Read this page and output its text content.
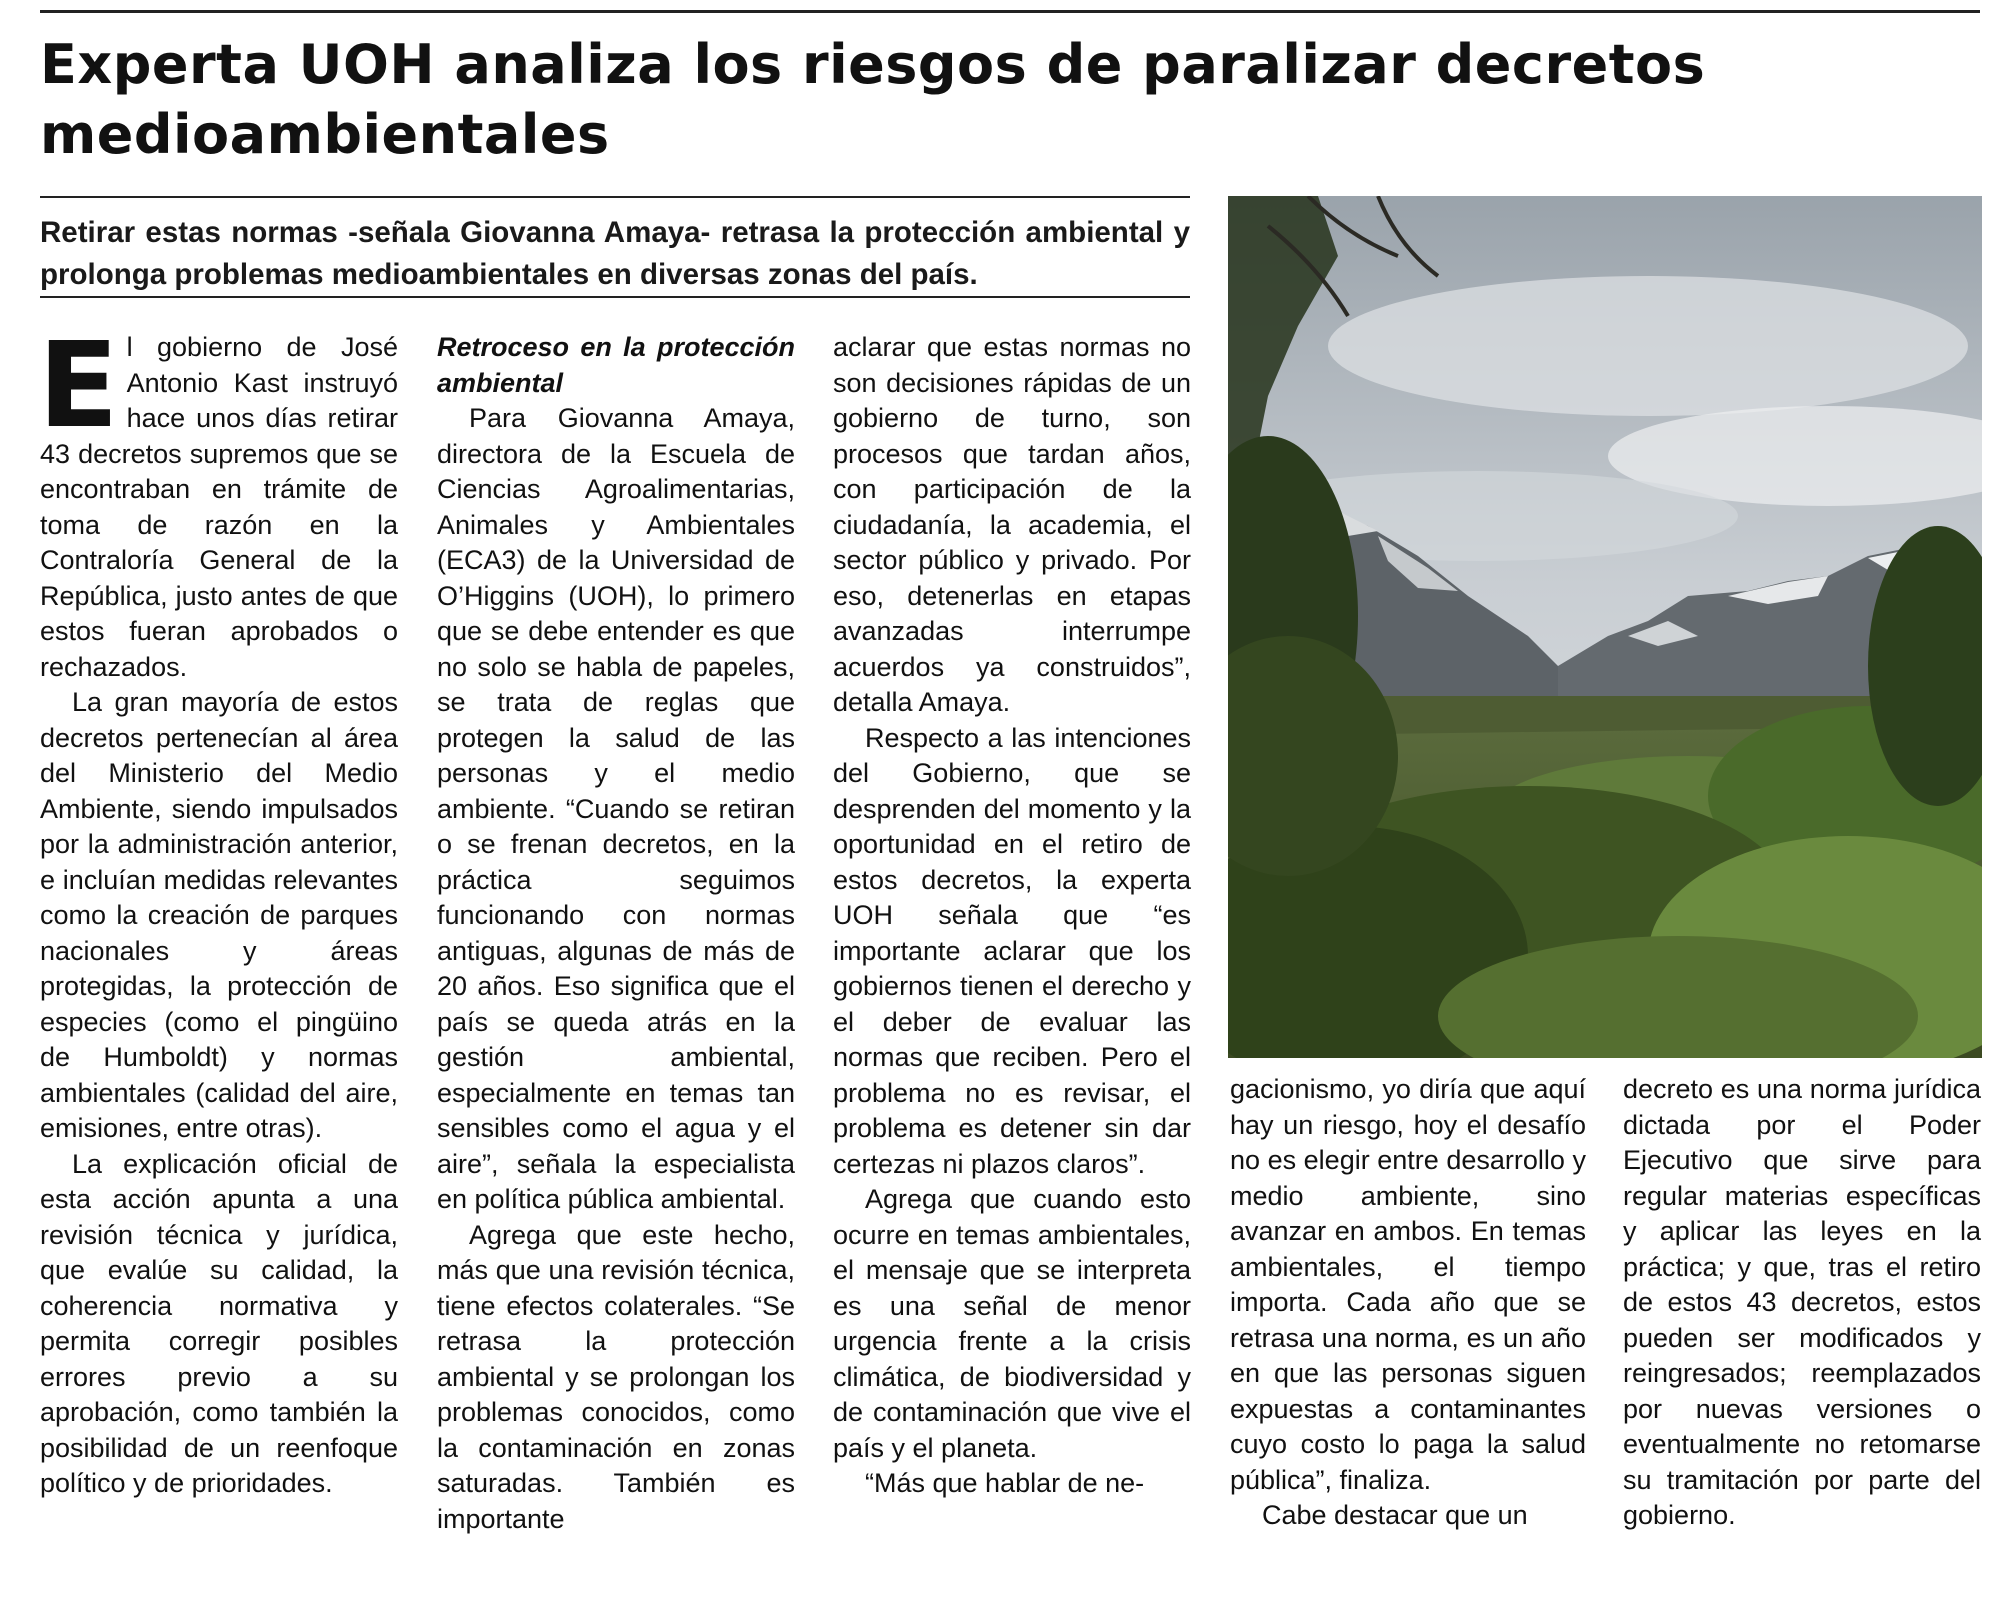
Experta UOH analiza los riesgos de paralizar decretos medioambientales

Retirar estas normas -señala Giovanna Amaya- retrasa la protección ambiental y prolonga problemas medioambientales en diversas zonas del país.

El gobierno de José Antonio Kast instruyó hace unos días retirar 43 decretos supremos que se encontraban en trámite de toma de razón en la Contraloría General de la República, justo antes de que estos fueran aprobados o rechazados.

La gran mayoría de estos decretos pertenecían al área del Ministerio del Medio Ambiente, siendo impulsados por la administración anterior, e incluían medidas relevantes como la creación de parques nacionales y áreas protegidas, la protección de especies (como el pingüino de Humboldt) y normas ambientales (calidad del aire, emisiones, entre otras).

La explicación oficial de esta acción apunta a una revisión técnica y jurídica, que evalúe su calidad, la coherencia normativa y permita corregir posibles errores previo a su aprobación, como también la posibilidad de un reenfoque político y de prioridades.

Retroceso en la protección ambiental

Para Giovanna Amaya, directora de la Escuela de Ciencias Agroalimentarias, Animales y Ambientales (ECA3) de la Universidad de O’Higgins (UOH), lo primero que se debe entender es que no solo se habla de papeles, se trata de reglas que protegen la salud de las personas y el medio ambiente. “Cuando se retiran o se frenan decretos, en la práctica seguimos funcionando con normas antiguas, algunas de más de 20 años. Eso significa que el país se queda atrás en la gestión ambiental, especialmente en temas tan sensibles como el agua y el aire”, señala la especialista en política pública ambiental.

Agrega que este hecho, más que una revisión técnica, tiene efectos colaterales. “Se retrasa la protección ambiental y se prolongan los problemas conocidos, como la contaminación en zonas saturadas. También es importante

aclarar que estas normas no son decisiones rápidas de un gobierno de turno, son procesos que tardan años, con participación de la ciudadanía, la academia, el sector público y privado. Por eso, detenerlas en etapas avanzadas interrumpe acuerdos ya construidos”, detalla Amaya.

Respecto a las intenciones del Gobierno, que se desprenden del momento y la oportunidad en el retiro de estos decretos, la experta UOH señala que “es importante aclarar que los gobiernos tienen el derecho y el deber de evaluar las normas que reciben. Pero el problema no es revisar, el problema es detener sin dar certezas ni plazos claros”.

Agrega que cuando esto ocurre en temas ambientales, el mensaje que se interpreta es una señal de menor urgencia frente a la crisis climática, de biodiversidad y de contaminación que vive el país y el planeta.

“Más que hablar de ne-

gacionismo, yo diría que aquí hay un riesgo, hoy el desafío no es elegir entre desarrollo y medio ambiente, sino avanzar en ambos. En temas ambientales, el tiempo importa. Cada año que se retrasa una norma, es un año en que las personas siguen expuestas a contaminantes cuyo costo lo paga la salud pública”, finaliza.

Cabe destacar que un

decreto es una norma jurídica dictada por el Poder Ejecutivo que sirve para regular materias específicas y aplicar las leyes en la práctica; y que, tras el retiro de estos 43 decretos, estos pueden ser modificados y reingresados; reemplazados por nuevas versiones o eventualmente no retomarse su tramitación por parte del gobierno.
